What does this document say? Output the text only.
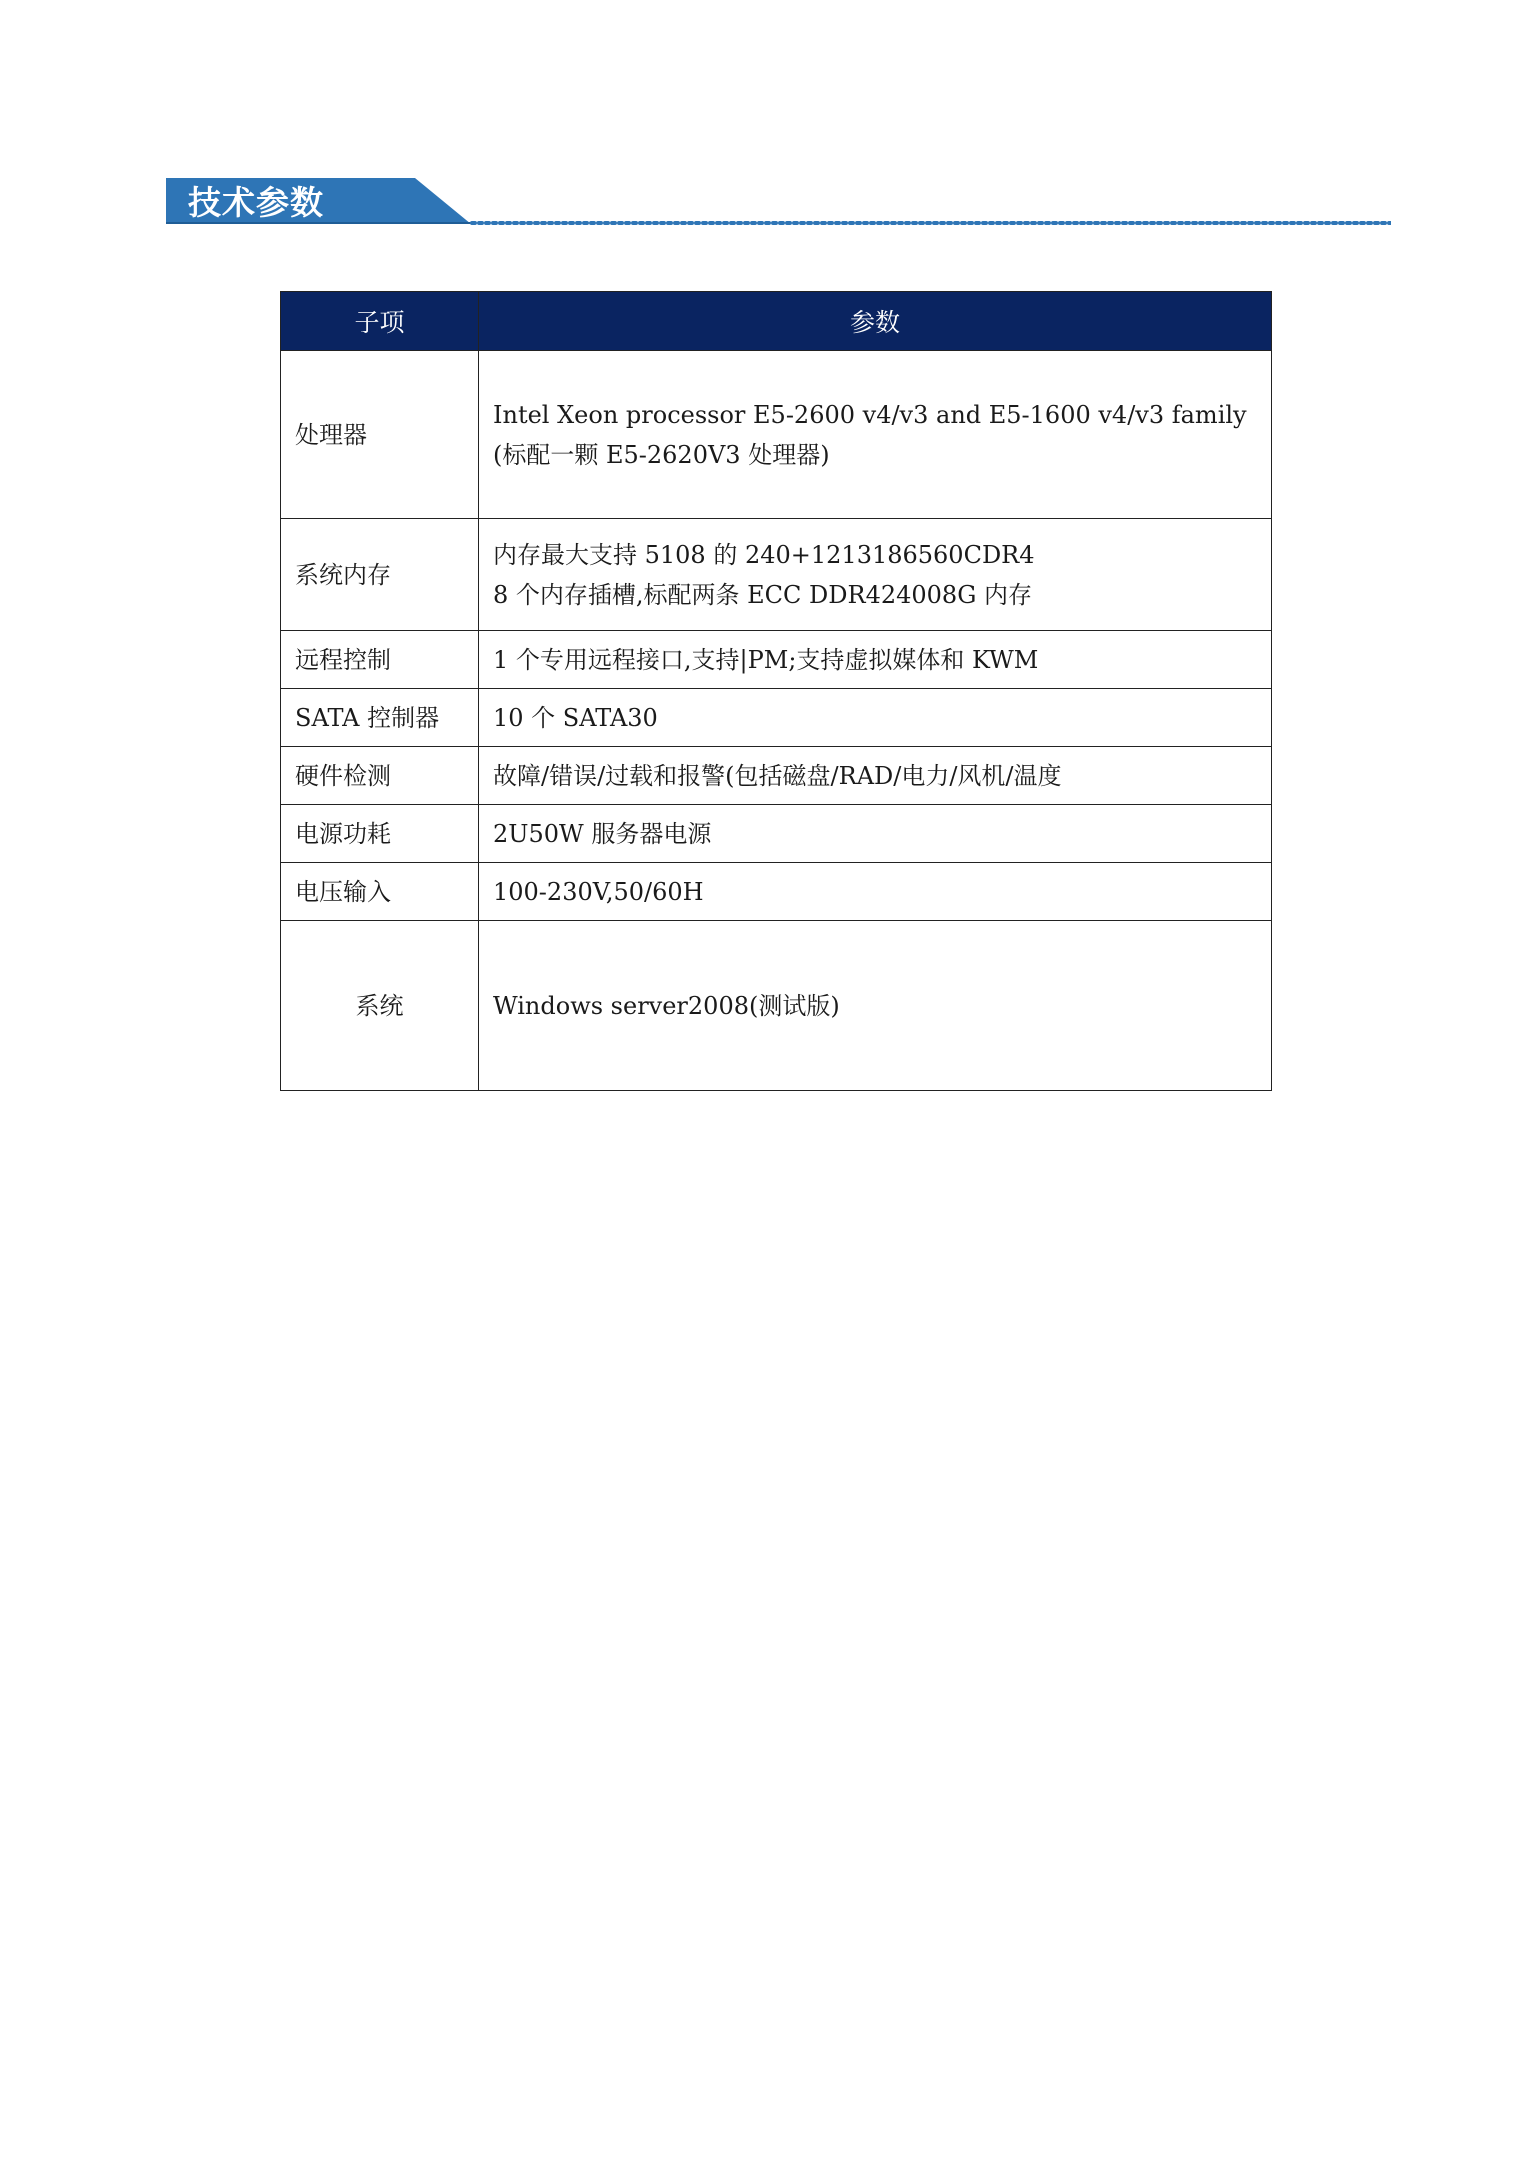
技术参数
子项	参数
处理器	Intel Xeon processor E5-2600 v4/v3 and E5-1600 v4/v3 family
(标配一颗 E5-2620V3 处理器)

系统内存	内存最大支持 5108 的 240+1213186560CDR4
8 个内存插槽,标配两条 ECC DDR424008G 内存

远程控制	1 个专用远程接口,支持|PM;支持虚拟媒体和 KWM
SATA 控制器	10 个 SATA30
硬件检测	故障/错误/过载和报警(包括磁盘/RAD/电力/风机/温度
电源功耗	2U50W 服务器电源
电压输入	100-230V,50/60H
系统	Windows server2008(测试版)
